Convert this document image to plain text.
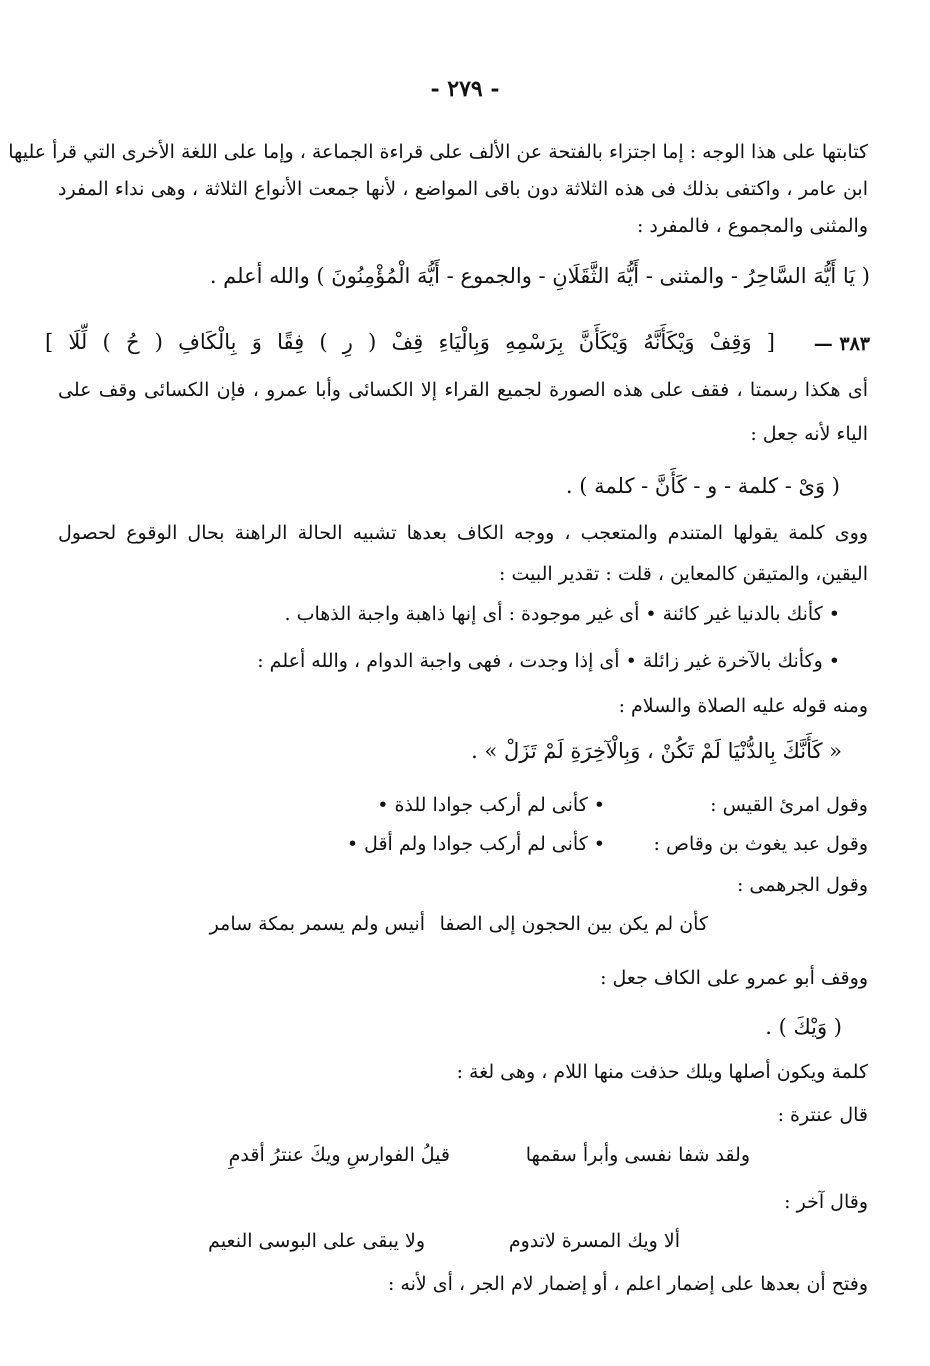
- ٢٧٩ -
كتابتها على هذا الوجه : إما اجتزاء بالفتحة عن الألف على قراءة الجماعة ، وإما على اللغة الأخرى التي قرأ عليها
ابن عامر ، واكتفى بذلك فى هذه الثلاثة دون باقى المواضع ، لأنها جمعت الأنواع الثلاثة ، وهى نداء المفرد
والمثنى والمجموع ، فالمفرد :
( يَا أَيُّهَ السَّاحِرُ - والمثنى - أَيُّهَ الثَّقَلَانِ - والجموع - أَيُّهَ الْمُؤْمِنُونَ ) والله أعلم .
٣٨٣ —
[ وَقِفْ وَيْكَأَنَّهُ وَيْكَأَنَّ بِرَسْمِهِ وَبِالْيَاءِ قِفْ ( رِ ) فِقًا وَ بِالْكَافِ ( حُ ) لِّلَا ]
أى هكذا رسمتا ، فقف على هذه الصورة لجميع القراء إلا الكسائى وأبا عمرو ، فإن الكسائى وقف على
الياء لأنه جعل :
( وَىْ - كلمة - و - كَأَنَّ - كلمة ) .
ووى كلمة يقولها المتندم والمتعجب ، ووجه الكاف بعدها تشبيه الحالة الراهنة بحال الوقوع لحصول
اليقين، والمتيقن كالمعاين ، قلت : تقدير البيت :
• كأنك بالدنيا غير كائنة • أى غير موجودة : أى إنها ذاهبة واجبة الذهاب .
• وكأنك بالآخرة غير زائلة • أى إذا وجدت ، فهى واجبة الدوام ، والله أعلم :
ومنه قوله عليه الصلاة والسلام :
« كَأَنَّكَ بِالدُّنْيَا لَمْ تَكُنْ ، وَبِالْآخِرَةِ لَمْ تَزَلْ » .
وقول امرئ القيس :
• كأنى لم أركب جوادا للذة •
وقول عبد يغوث بن وقاص :
• كأنى لم أركب جوادا ولم أقل •
وقول الجرهمى :
كأن لم يكن بين الحجون إلى الصفا
أنيس ولم يسمر بمكة سامر
ووقف أبو عمرو على الكاف جعل :
( وَيْكَ ) .
كلمة ويكون أصلها ويلك حذفت منها اللام ، وهى لغة :
قال عنترة :
ولقد شفا نفسى وأبرأ سقمها
قيلُ الفوارسِ ويكَ عنترُ أقدمِ
وقال آخر :
ألا ويك المسرة لاتدوم
ولا يبقى على البوسى النعيم
وفتح أن بعدها على إضمار اعلم ، أو إضمار لام الجر ، أى لأنه :
